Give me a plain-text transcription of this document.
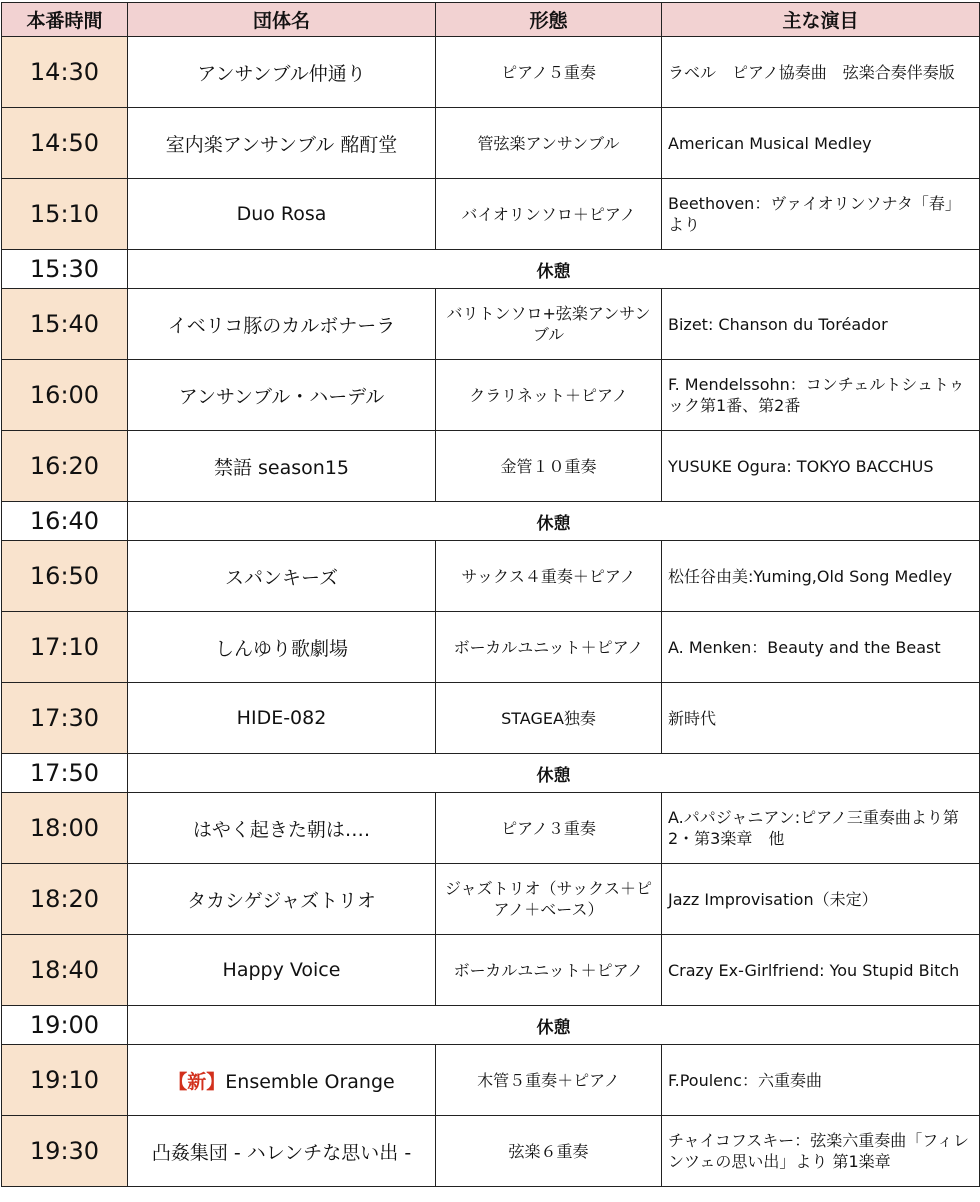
本番時間	団体名	形態	主な演目
14:30	アンサンブル仲通り	ピアノ５重奏	ラベル　ピアノ協奏曲　弦楽合奏伴奏版
14:50	室内楽アンサンブル 酩酊堂	管弦楽アンサンブル	American Musical Medley
15:10	Duo Rosa	バイオリンソロ＋ピアノ	Beethoven：ヴァイオリンソナタ「春」より
15:30	休憩		
15:40	イベリコ豚のカルボナーラ	バリトンソロ+弦楽アンサンブル	Bizet: Chanson du Toréador
16:00	アンサンブル・ハーデル	クラリネット＋ピアノ	F. Mendelssohn：コンチェルトシュトゥック第1番、第2番
16:20	禁語 season15	金管１０重奏	YUSUKE Ogura: TOKYO BACCHUS
16:40	休憩		
16:50	スパンキーズ	サックス４重奏＋ピアノ	松任谷由美:Yuming,Old Song Medley
17:10	しんゆり歌劇場	ボーカルユニット＋ピアノ	A. Menken：Beauty and the Beast
17:30	HIDE-082	STAGEA独奏	新時代
17:50	休憩		
18:00	はやく起きた朝は‥‥	ピアノ３重奏	A.パパジャニアン:ピアノ三重奏曲より第2・第3楽章　他
18:20	タカシゲジャズトリオ	ジャズトリオ（サックス＋ピアノ＋ベース）	Jazz Improvisation（未定）
18:40	Happy Voice	ボーカルユニット＋ピアノ	Crazy Ex-Girlfriend: You Stupid Bitch
19:00	休憩		
19:10	【新】Ensemble Orange	木管５重奏＋ピアノ	F.Poulenc：六重奏曲
19:30	凸姦集団 - ハレンチな思い出 -	弦楽６重奏	チャイコフスキー：弦楽六重奏曲「フィレンツェの思い出」より 第1楽章
